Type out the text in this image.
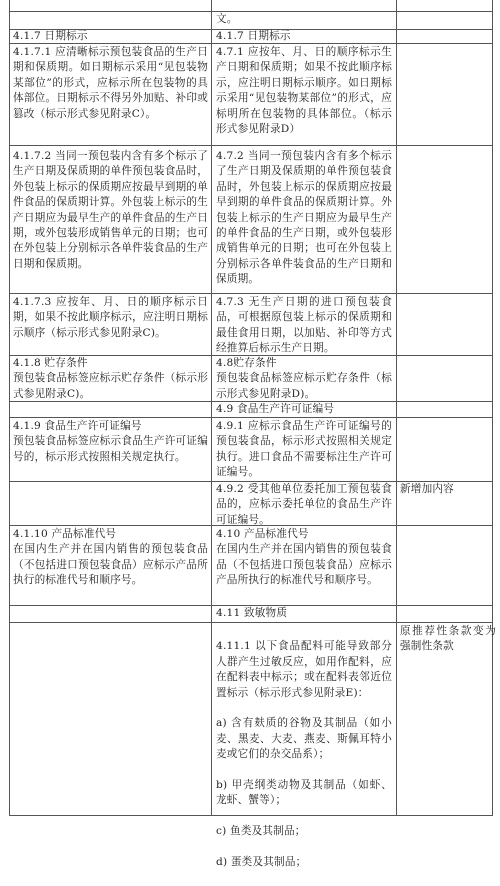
文。
4.1.7 日期标示	4.1.7 日期标示
4.1.7.1 应清晰标示预包装食品的生产日期和保质期。如日期标示采用“见包装物某部位”的形式，应标示所在包装物的具体部位。日期标示不得另外加贴、补印或篡改（标示形式参见附录C）。
4.7.1 应按年、月、日的顺序标示生产日期和保质期；如果不按此顺序标示，应注明日期标示顺序。如日期标示采用“见包装物某部位”的形式，应标明所在包装物的具体部位。（标示形式参见附录D）
4.1.7.2 当同一预包装内含有多个标示了生产日期及保质期的单件预包装食品时，外包装上标示的保质期应按最早到期的单件食品的保质期计算。外包装上标示的生产日期应为最早生产的单件食品的生产日期，或外包装形成销售单元的日期；也可在外包装上分别标示各单件装食品的生产日期和保质期。
4.7.2 当同一预包装内含有多个标示了生产日期及保质期的单件预包装食品时，外包装上标示的保质期应按最早到期的单件食品的保质期计算。外包装上标示的生产日期应为最早生产的单件食品的生产日期，或外包装形成销售单元的日期；也可在外包装上分别标示各单件装食品的生产日期和保质期。
4.1.7.3 应按年、月、日的顺序标示日期，如果不按此顺序标示，应注明日期标示顺序（标示形式参见附录C)。
4.7.3 无生产日期的进口预包装食品，可根据原包装上标示的保质期和最佳食用日期，以加贴、补印等方式经推算后标示生产日期。
4.1.8 贮存条件
预包装食品标签应标示贮存条件（标示形式参见附录C)。
4.8贮存条件
预包装食品标签应标示贮存条件（标示形式参见附录D)。
4.9 食品生产许可证编号
4.1.9 食品生产许可证编号
预包装食品标签应标示食品生产许可证编号的，标示形式按照相关规定执行。
4.9.1 应标示食品生产许可证编号的预包装食品，标示形式按照相关规定执行。进口食品不需要标注生产许可证编号。
4.9.2 受其他单位委托加工预包装食品的，应标示委托单位的食品生产许可证编号。
新增加内容
4.1.10 产品标准代号
在国内生产并在国内销售的预包装食品（不包括进口预包装食品）应标示产品所执行的标准代号和顺序号。
4.10 产品标准代号
在国内生产并在国内销售的预包装食品（不包括进口预包装食品）应标示产品所执行的标准代号和顺序号。
4.11 致敏物质

4.11.1 以下食品配料可能导致部分人群产生过敏反应，如用作配料，应在配料表中标示；或在配料表邻近位置标示（标示形式参见附录E)：

a) 含有麸质的谷物及其制品（如小麦、黑麦、大麦、燕麦、斯佩耳特小麦或它们的杂交品系）；

b) 甲壳纲类动物及其制品（如虾、龙虾、蟹等）；

c) 鱼类及其制品；

d) 蛋类及其制品；

原推荐性条款变为强制性条款
